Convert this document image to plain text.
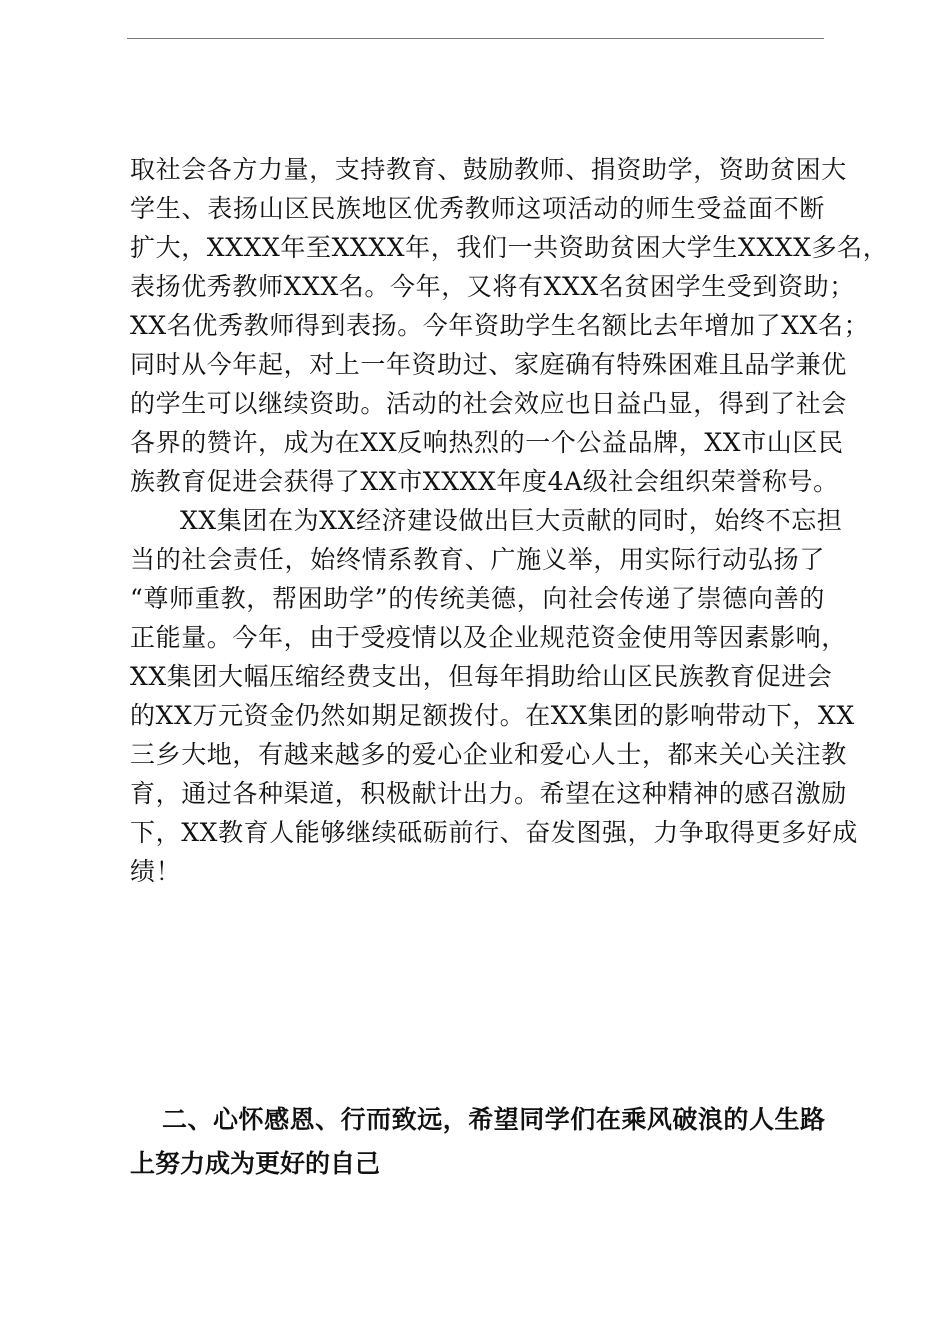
取社会各方力量，支持教育、鼓励教师、捐资助学，资助贫困大
学生、表扬山区民族地区优秀教师这项活动的师生受益面不断
扩大，XXXX年至XXXX年，我们一共资助贫困大学生XXXX多名，
表扬优秀教师XXX名。今年，又将有XXX名贫困学生受到资助；
XX名优秀教师得到表扬。今年资助学生名额比去年增加了XX名；
同时从今年起，对上一年资助过、家庭确有特殊困难且品学兼优
的学生可以继续资助。活动的社会效应也日益凸显，得到了社会
各界的赞许，成为在XX反响热烈的一个公益品牌，XX市山区民
族教育促进会获得了XX市XXXX年度4A级社会组织荣誉称号。
XX集团在为XX经济建设做出巨大贡献的同时，始终不忘担
当的社会责任，始终情系教育、广施义举，用实际行动弘扬了
“尊师重教，帮困助学”的传统美德，向社会传递了崇德向善的
正能量。今年，由于受疫情以及企业规范资金使用等因素影响，
XX集团大幅压缩经费支出，但每年捐助给山区民族教育促进会
的XX万元资金仍然如期足额拨付。在XX集团的影响带动下，XX
三乡大地，有越来越多的爱心企业和爱心人士，都来关心关注教
育，通过各种渠道，积极献计出力。希望在这种精神的感召激励
下，XX教育人能够继续砥砺前行、奋发图强，力争取得更多好成
绩！
二、心怀感恩、行而致远，希望同学们在乘风破浪的人生路
上努力成为更好的自己
